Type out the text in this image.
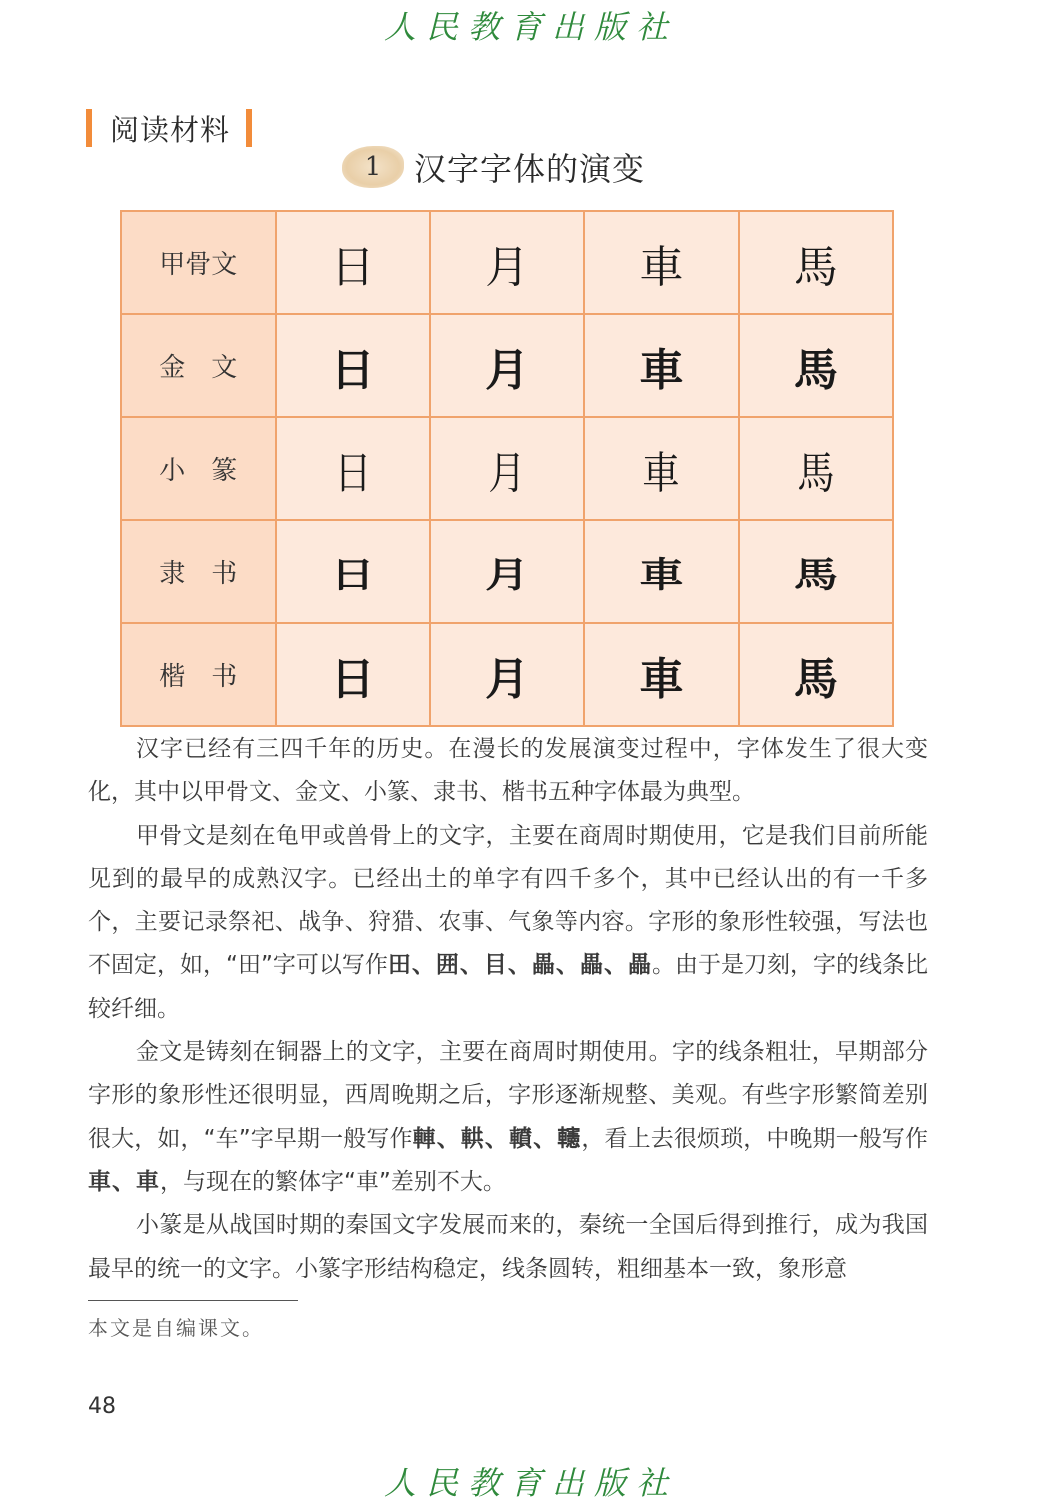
人民教育出版社
阅读材料
1	汉字字体的演变
甲骨文	日	月	車	馬
金　文	日	月	車	馬
小　篆	日	月	車	馬
隶　书	日	月	車	馬
楷　书	日	月	車	馬

汉字已经有三四千年的历史。在漫长的发展演变过程中，字体发生了很大变化，其中以甲骨文、金文、小篆、隶书、楷书五种字体最为典型。

甲骨文是刻在龟甲或兽骨上的文字，主要在商周时期使用，它是我们目前所能见到的最早的成熟汉字。已经出土的单字有四千多个，其中已经认出的有一千多个，主要记录祭祀、战争、狩猎、农事、气象等内容。字形的象形性较强，写法也不固定，如，“田”字可以写作田、囲、目、畾、畾、畾。由于是刀刻，字的线条比较纤细。

金文是铸刻在铜器上的文字，主要在商周时期使用。字的线条粗壮，早期部分字形的象形性还很明显，西周晚期之后，字形逐渐规整、美观。有些字形繁简差别很大，如，“车”字早期一般写作䡛、輁、轒、𨏥，看上去很烦琐，中晚期一般写作車、車，与现在的繁体字“車”差别不大。

小篆是从战国时期的秦国文字发展而来的，秦统一全国后得到推行，成为我国最早的统一的文字。小篆字形结构稳定，线条圆转，粗细基本一致，象形意

本文是自编课文。
48
人民教育出版社
